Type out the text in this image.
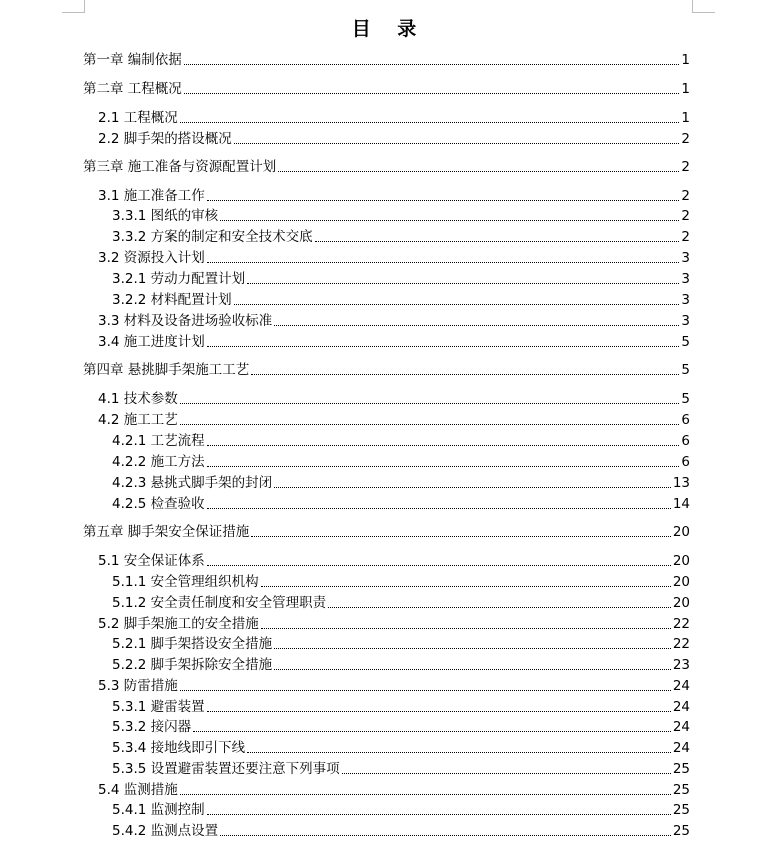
目 录
第一章 编制依据	1
第二章 工程概况	1
2.1 工程概况	1
2.2 脚手架的搭设概况	2
第三章 施工准备与资源配置计划	2
3.1 施工准备工作	2
3.3.1 图纸的审核	2
3.3.2 方案的制定和安全技术交底	2
3.2 资源投入计划	3
3.2.1 劳动力配置计划	3
3.2.2 材料配置计划	3
3.3 材料及设备进场验收标准	3
3.4 施工进度计划	5
第四章 悬挑脚手架施工工艺	5
4.1 技术参数	5
4.2 施工工艺	6
4.2.1 工艺流程	6
4.2.2 施工方法	6
4.2.3 悬挑式脚手架的封闭	13
4.2.5 检查验收	14
第五章 脚手架安全保证措施	20
5.1 安全保证体系	20
5.1.1 安全管理组织机构	20
5.1.2 安全责任制度和安全管理职责	20
5.2 脚手架施工的安全措施	22
5.2.1 脚手架搭设安全措施	22
5.2.2 脚手架拆除安全措施	23
5.3 防雷措施	24
5.3.1 避雷装置	24
5.3.2 接闪器	24
5.3.4 接地线即引下线	24
5.3.5 设置避雷装置还要注意下列事项	25
5.4 监测措施	25
5.4.1 监测控制	25
5.4.2 监测点设置	25
